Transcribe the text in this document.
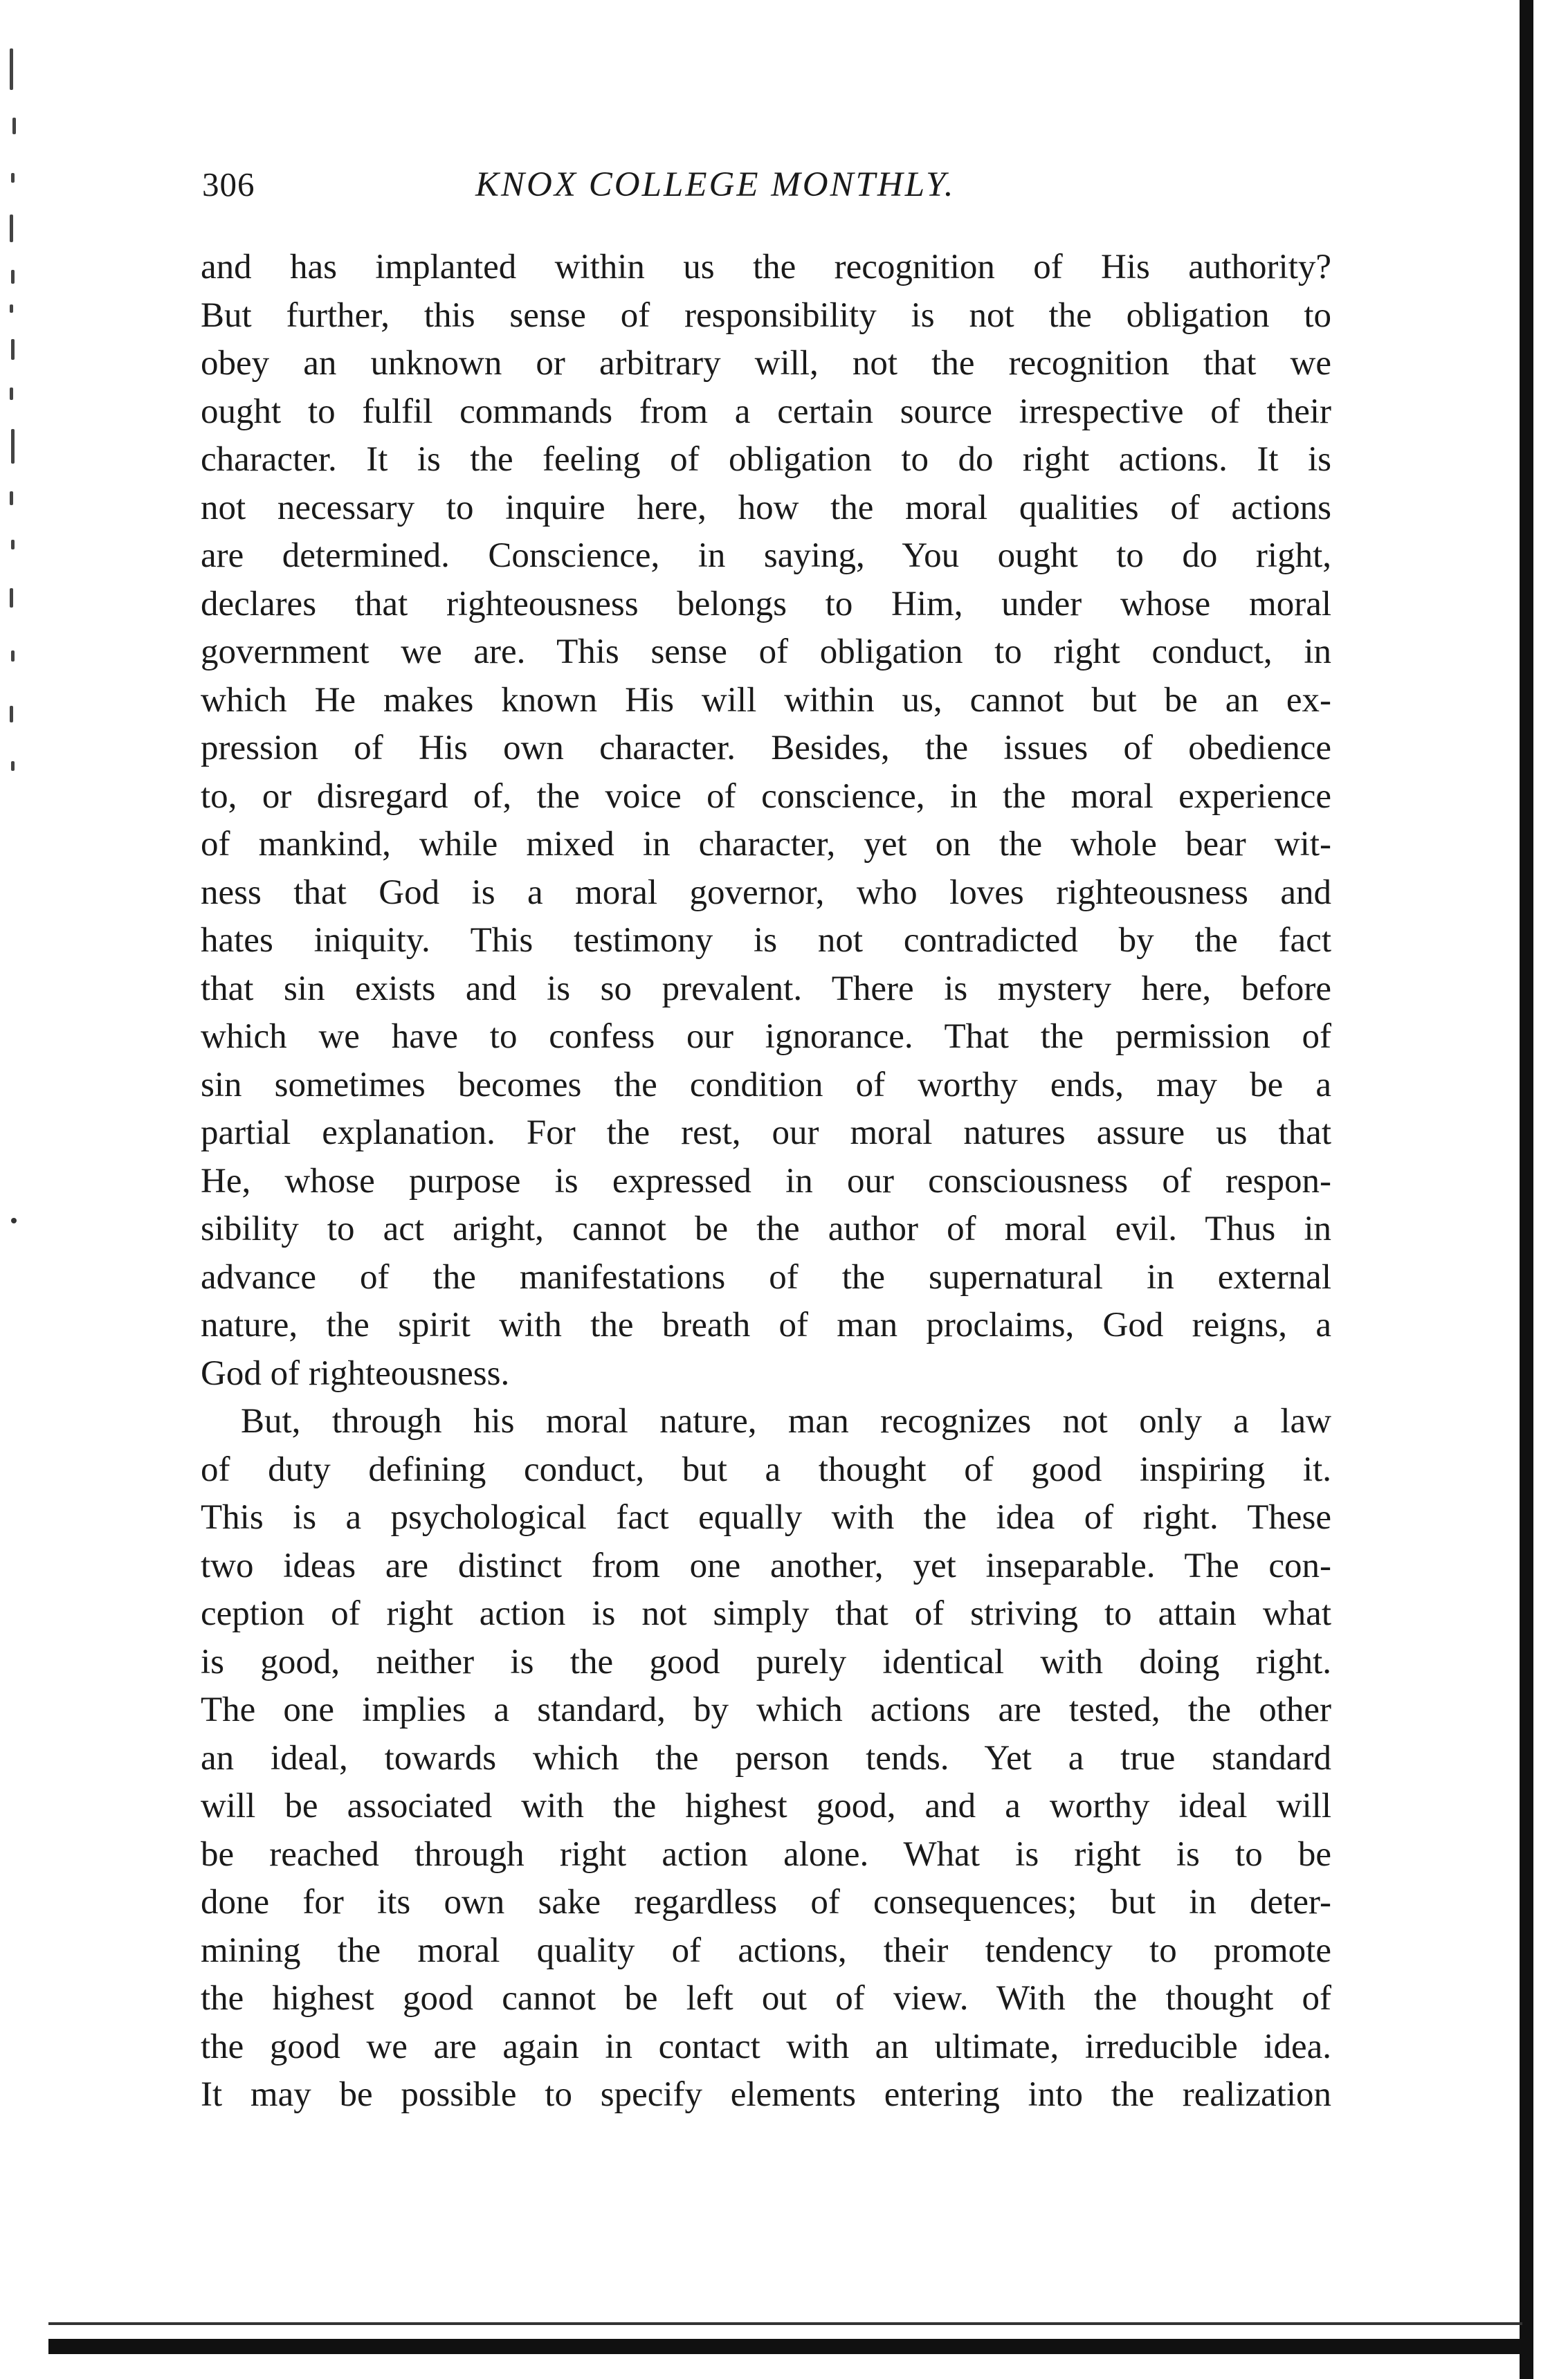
306	KNOX COLLEGE MONTHLY.
and has implanted within us the recognition of His authority?
But further, this sense of responsibility is not the obligation to
obey an unknown or arbitrary will, not the recognition that we
ought to fulfil commands from a certain source irrespective of their
character. It is the feeling of obligation to do right actions. It is
not necessary to inquire here, how the moral qualities of actions
are determined. Conscience, in saying, You ought to do right,
declares that righteousness belongs to Him, under whose moral
government we are. This sense of obligation to right conduct, in
which He makes known His will within us, cannot but be an ex-
pression of His own character. Besides, the issues of obedience
to, or disregard of, the voice of conscience, in the moral experience
of mankind, while mixed in character, yet on the whole bear wit-
ness that God is a moral governor, who loves righteousness and
hates iniquity. This testimony is not contradicted by the fact
that sin exists and is so prevalent. There is mystery here, before
which we have to confess our ignorance. That the permission of
sin sometimes becomes the condition of worthy ends, may be a
partial explanation. For the rest, our moral natures assure us that
He, whose purpose is expressed in our consciousness of respon-
sibility to act aright, cannot be the author of moral evil. Thus in
advance of the manifestations of the supernatural in external
nature, the spirit with the breath of man proclaims, God reigns, a
God of righteousness.
But, through his moral nature, man recognizes not only a law
of duty defining conduct, but a thought of good inspiring it.
This is a psychological fact equally with the idea of right. These
two ideas are distinct from one another, yet inseparable. The con-
ception of right action is not simply that of striving to attain what
is good, neither is the good purely identical with doing right.
The one implies a standard, by which actions are tested, the other
an ideal, towards which the person tends. Yet a true standard
will be associated with the highest good, and a worthy ideal will
be reached through right action alone. What is right is to be
done for its own sake regardless of consequences; but in deter-
mining the moral quality of actions, their tendency to promote
the highest good cannot be left out of view. With the thought of
the good we are again in contact with an ultimate, irreducible idea.
It may be possible to specify elements entering into the realization
